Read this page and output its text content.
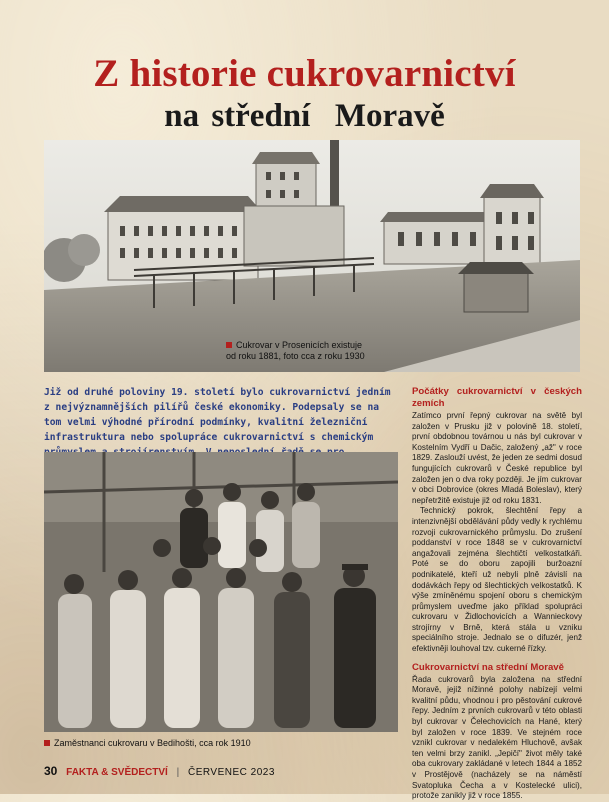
Z historie cukrovarnictví
na střední  Moravě
Cukrovar v Prosenicích existuje
od roku 1881, foto cca z roku 1930

Již od druhé poloviny 19. století bylo cukrovarnictví jedním z nejvýznamnějších pilířů české ekonomiky. Podepsaly se na tom velmi výhodné přírodní podmínky, kvalitní železniční infrastruktura nebo spolupráce cukrovarnictví s chemickým

Zaměstnanci cukrovaru v Bedihošti, cca rok 1910
Počátky cukrovarnictví v českých zemích

Zatímco první řepný cukrovar na světě byl založen v Prusku již v polovině 18. století, první obdobnou továrnou u nás byl cukrovar v Kostelním Vydří u Dačic, založený „až" v roce 1829. Zaslouží uvést, že jeden ze sedmi dosud fungujících cukrovarů v České republice byl založen jen o dva roky později. Je jím cukrovar v obci Dobrovice (okres Mladá Boleslav), který nepřetržitě existuje již od roku 1831.

Technický pokrok, šlechtění řepy a intenzivnější obdělávání půdy vedly k rychlému rozvoji cukrovarnického průmyslu. Do zrušení poddanství v roce 1848 se v cukrovarnictví angažovali zejména šlechtičtí velkostatkáři. Poté se do oboru zapojili buržoazní podnikatelé, kteří už nebyli plně závislí na dodávkách řepy od šlechtických velkostatků. K výše zmíněnému spojení oboru s chemickým průmyslem uveďme jako příklad spolupráci cukrovaru v Židlochovicích a Wannieckovy strojírny v Brně, která stála u vzniku speciálního stroje. Jednalo se o difuzér, jenž efektivněji louhoval tzv. cukerné řízky.

Cukrovarnictví na střední Moravě

Řada cukrovarů byla založena na střední Moravě, jejíž nížinné polohy nabízejí velmi kvalitní půdu, vhodnou i pro pěstování cukrové řepy. Jedním z prvních cukrovarů v této oblasti byl cukrovar v Čelechovicích na Hané, který byl založen v roce 1839. Ve stejném roce vznikl cukrovar v nedalekém Hluchově, avšak ten velmi brzy zanikl. „Jepičí" život měly také oba cukrovary zakládané v letech 1844 a 1852 v Prostějově (nacházely se na náměstí Svatopluka Čecha a v Kostelecké ulici), protože zanikly již v roce 1855.

30 FAKTA & SVĚDECTVÍ | ČERVENEC 2023
